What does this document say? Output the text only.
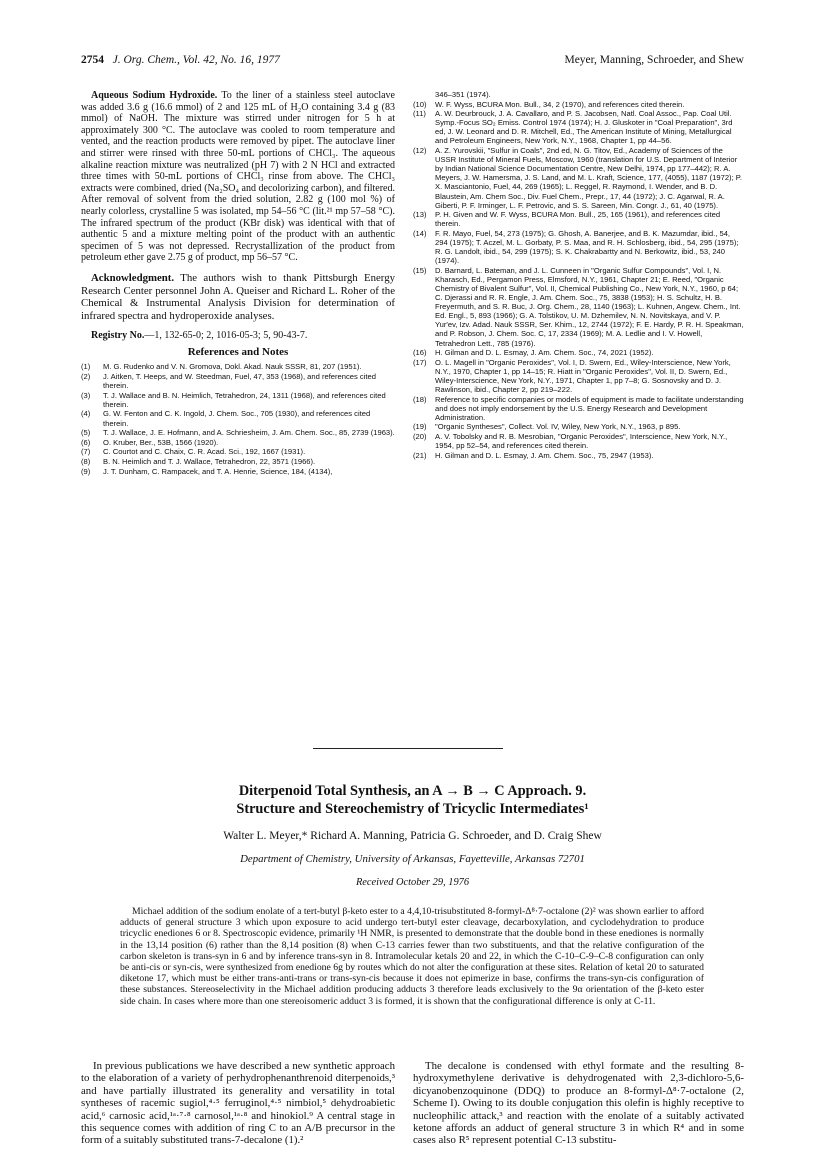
2754 J. Org. Chem., Vol. 42, No. 16, 1977	Meyer, Manning, Schroeder, and Shew

Aqueous Sodium Hydroxide. To the liner of a stainless steel autoclave was added 3.6 g (16.6 mmol) of 2 and 125 mL of H₂O containing 3.4 g (83 mmol) of NaOH. The mixture was stirred under nitrogen for 5 h at approximately 300 °C. The autoclave was cooled to room temperature and vented, and the reaction products were removed by pipet. The autoclave liner and stirrer were rinsed with three 50-mL portions of CHCl₃. The aqueous alkaline reaction mixture was neutralized (pH 7) with 2 N HCl and extracted three times with 50-mL portions of CHCl₃ rinse from above. The CHCl₃ extracts were combined, dried (Na₂SO₄ and decolorizing carbon), and filtered. After removal of solvent from the dried solution, 2.82 g (100 mol %) of nearly colorless, crystalline 5 was isolated, mp 54–56 °C (lit.²¹ mp 57–58 °C). The infrared spectrum of the product (KBr disk) was identical with that of authentic 5 and a mixture melting point of the product with an authentic specimen of 5 was not depressed. Recrystallization of the product from petroleum ether gave 2.75 g of product, mp 56–57 °C.

Acknowledgment. The authors wish to thank Pittsburgh Energy Research Center personnel John A. Queiser and Richard L. Roher of the Chemical & Instrumental Analysis Division for determination of infrared spectra and hydroperoxide analyses.

Registry No.—1, 132-65-0; 2, 1016-05-3; 5, 90-43-7.

References and Notes
(1) M. G. Rudenko and V. N. Gromova, Dokl. Akad. Nauk SSSR, 81, 207 (1951).
(2) J. Aitken, T. Heeps, and W. Steedman, Fuel, 47, 353 (1968), and references cited therein.
(3) T. J. Wallace and B. N. Heimlich, Tetrahedron, 24, 1311 (1968), and references cited therein.
(4) G. W. Fenton and C. K. Ingold, J. Chem. Soc., 705 (1930), and references cited therein.
(5) T. J. Wallace, J. E. Hofmann, and A. Schriesheim, J. Am. Chem. Soc., 85, 2739 (1963).
(6) O. Kruber, Ber., 53B, 1566 (1920).
(7) C. Courtot and C. Chaix, C. R. Acad. Sci., 192, 1667 (1931).
(8) B. N. Heimlich and T. J. Wallace, Tetrahedron, 22, 3571 (1966).
(9) J. T. Dunham, C. Rampacek, and T. A. Henrie, Science, 184, (4134),
346–351 (1974).
(10) W. F. Wyss, BCURA Mon. Bull., 34, 2 (1970), and references cited therein.
(11) A. W. Deurbrouck, J. A. Cavallaro, and P. S. Jacobsen, Natl. Coal Assoc., Pap. Coal Util. Symp.-Focus SO₂ Emiss. Control 1974 (1974); H. J. Gluskoter in "Coal Preparation", 3rd ed, J. W. Leonard and D. R. Mitchell, Ed., The American Institute of Mining, Metallurgical and Petroleum Engineers, New York, N.Y., 1968, Chapter 1, pp 44–56.
(12) A. Z. Yurovskii, "Sulfur in Coals", 2nd ed, N. G. Titov, Ed., Academy of Sciences of the USSR Institute of Mineral Fuels, Moscow, 1960 (translation for U.S. Department of Interior by Indian National Science Documentation Centre, New Delhi, 1974, pp 177–442); R. A. Meyers, J. W. Hamersma, J. S. Land, and M. L. Kraft, Science, 177, (4055), 1187 (1972); P. X. Masciantonio, Fuel, 44, 269 (1965); L. Reggel, R. Raymond, I. Wender, and B. D. Blaustein, Am. Chem Soc., Div. Fuel Chem., Prepr., 17, 44 (1972); J. C. Agarwal, R. A. Giberti, P. F. Irminger, L. F. Petrovic, and S. S. Sareen, Min. Congr. J., 61, 40 (1975).
(13) P. H. Given and W. F. Wyss, BCURA Mon. Bull., 25, 165 (1961), and references cited therein.
(14) F. R. Mayo, Fuel, 54, 273 (1975); G. Ghosh, A. Banerjee, and B. K. Mazumdar, ibid., 54, 294 (1975); T. Aczel, M. L. Gorbaty, P. S. Maa, and R. H. Schlosberg, ibid., 54, 295 (1975); R. G. Landolt, ibid., 54, 299 (1975); S. K. Chakrabartty and N. Berkowitz, ibid., 53, 240 (1974).
(15) D. Barnard, L. Bateman, and J. L. Cunneen in "Organic Sulfur Compounds", Vol. I, N. Kharasch, Ed., Pergamon Press, Elmsford, N.Y., 1961, Chapter 21; E. Reed, "Organic Chemistry of Bivalent Sulfur", Vol. II, Chemical Publishing Co., New York, N.Y., 1960, p 64; C. Djerassi and R. R. Engle, J. Am. Chem. Soc., 75, 3838 (1953); H. S. Schultz, H. B. Freyermuth, and S. R. Buc, J. Org. Chem., 28, 1140 (1963); L. Kuhnen, Angew. Chem., Int. Ed. Engl., 5, 893 (1966); G. A. Tolstikov, U. M. Dzhemilev, N. N. Novitskaya, and V. P. Yur'ev, Izv. Adad. Nauk SSSR, Ser. Khim., 12, 2744 (1972); F. E. Hardy, P. R. H. Speakman, and P. Robson, J. Chem. Soc. C, 17, 2334 (1969); M. A. Ledlie and I. V. Howell, Tetrahedron Lett., 785 (1976).
(16) H. Gilman and D. L. Esmay, J. Am. Chem. Soc., 74, 2021 (1952).
(17) O. L. Magell in "Organic Peroxides", Vol. I, D. Swern, Ed., Wiley-Interscience, New York, N.Y., 1970, Chapter 1, pp 14–15; R. Hiatt in "Organic Peroxides", Vol. II, D. Swern, Ed., Wiley-Interscience, New York, N.Y., 1971, Chapter 1, pp 7–8; G. Sosnovsky and D. J. Rawlinson, ibid., Chapter 2, pp 219–222.
(18) Reference to specific companies or models of equipment is made to facilitate understanding and does not imply endorsement by the U.S. Energy Research and Development Administration.
(19) "Organic Syntheses", Collect. Vol. IV, Wiley, New York, N.Y., 1963, p 895.
(20) A. V. Tobolsky and R. B. Mesrobian, "Organic Peroxides", Interscience, New York, N.Y., 1954, pp 52–54, and references cited therein.
(21) H. Gilman and D. L. Esmay, J. Am. Chem. Soc., 75, 2947 (1953).
Diterpenoid Total Synthesis, an A → B → C Approach. 9.
Structure and Stereochemistry of Tricyclic Intermediates¹
Walter L. Meyer,* Richard A. Manning, Patricia G. Schroeder, and D. Craig Shew
Department of Chemistry, University of Arkansas, Fayetteville, Arkansas 72701
Received October 29, 1976
Michael addition of the sodium enolate of a tert-butyl β-keto ester to a 4,4,10-trisubstituted 8-formyl-Δ⁸·7-octalone (2)² was shown earlier to afford adducts of general structure 3 which upon exposure to acid undergo tert-butyl ester cleavage, decarboxylation, and cyclodehydration to produce tricyclic enediones 6 or 8. Spectroscopic evidence, primarily ¹H NMR, is presented to demonstrate that the double bond in these enediones is normally in the 13,14 position (6) rather than the 8,14 position (8) when C-13 carries fewer than two substituents, and that the relative configuration of the carbon skeleton is trans-syn in 6 and by inference trans-syn in 8. Intramolecular ketals 20 and 22, in which the C-10–C-9–C-8 configuration can only be anti-cis or syn-cis, were synthesized from enedione 6g by routes which do not alter the configuration at these sites. Relation of ketal 20 to saturated diketone 17, which must be either trans-anti-trans or trans-syn-cis because it does not epimerize in base, confirms the trans-syn-cis configuration of these substances. Stereoselectivity in the Michael addition producing adducts 3 therefore leads exclusively to the 9α orientation of the β-keto ester side chain. In cases where more than one stereoisomeric adduct 3 is formed, it is shown that the configurational difference is only at C-11.
In previous publications we have described a new synthetic approach to the elaboration of a variety of perhydrophenanthrenoid diterpenoids,³ and have partially illustrated its generality and versatility in total syntheses of racemic sugiol,⁴·⁵ ferruginol,⁴·⁵ nimbiol,⁵ dehydroabietic acid,⁶ carnosic acid,¹ᵃ·⁷·⁸ carnosol,¹ᵃ·⁸ and hinokiol.⁹ A central stage in this sequence comes with addition of ring C to an A/B precursor in the form of a suitably substituted trans-7-decalone (1).²
The decalone is condensed with ethyl formate and the resulting 8-hydroxymethylene derivative is dehydrogenated with 2,3-dichloro-5,6-dicyanobenzoquinone (DDQ) to produce an 8-formyl-Δ⁸·7-octalone (2, Scheme I). Owing to its double conjugation this olefin is highly receptive to nucleophilic attack,³ and reaction with the enolate of a suitably activated ketone affords an adduct of general structure 3 in which R⁴ and in some cases also R⁵ represent potential C-13 substitu-
